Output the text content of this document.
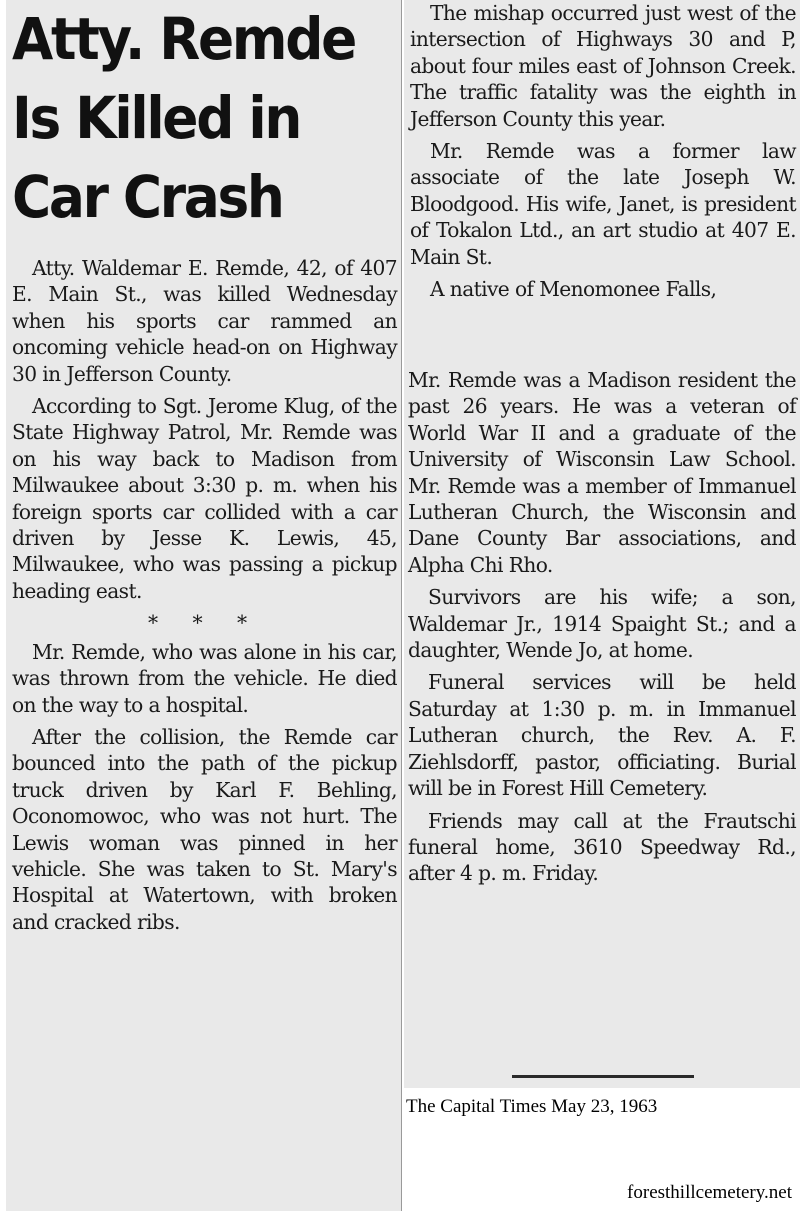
Atty. Remde
Is Killed in
Car Crash

Atty. Waldemar E. Remde, 42, of 407 E. Main St., was killed Wednesday when his sports car rammed an oncoming vehicle head-on on Highway 30 in Jefferson County.

According to Sgt. Jerome Klug, of the State Highway Patrol, Mr. Remde was on his way back to Madison from Milwaukee about 3:30 p. m. when his foreign sports car collided with a car driven by Jesse K. Lewis, 45, Milwaukee, who was passing a pickup heading east.

* * *

Mr. Remde, who was alone in his car, was thrown from the vehicle. He died on the way to a hospital.

After the collision, the Remde car bounced into the path of the pickup truck driven by Karl F. Behling, Oconomowoc, who was not hurt. The Lewis woman was pinned in her vehicle. She was taken to St. Mary's Hospital at Watertown, with broken and cracked ribs.

The mishap occurred just west of the intersection of Highways 30 and P, about four miles east of Johnson Creek. The traffic fatality was the eighth in Jefferson County this year.

Mr. Remde was a former law associate of the late Joseph W. Bloodgood. His wife, Janet, is president of Tokalon Ltd., an art studio at 407 E. Main St.

A native of Menomonee Falls,

Mr. Remde was a Madison resident the past 26 years. He was a veteran of World War II and a graduate of the University of Wisconsin Law School. Mr. Remde was a member of Immanuel Lutheran Church, the Wisconsin and Dane County Bar associations, and Alpha Chi Rho.

Survivors are his wife; a son, Waldemar Jr., 1914 Spaight St.; and a daughter, Wende Jo, at home.

Funeral services will be held Saturday at 1:30 p. m. in Immanuel Lutheran church, the Rev. A. F. Ziehlsdorff, pastor, officiating. Burial will be in Forest Hill Cemetery.

Friends may call at the Frautschi funeral home, 3610 Speedway Rd., after 4 p. m. Friday.

The Capital Times May 23, 1963
foresthillcemetery.net
